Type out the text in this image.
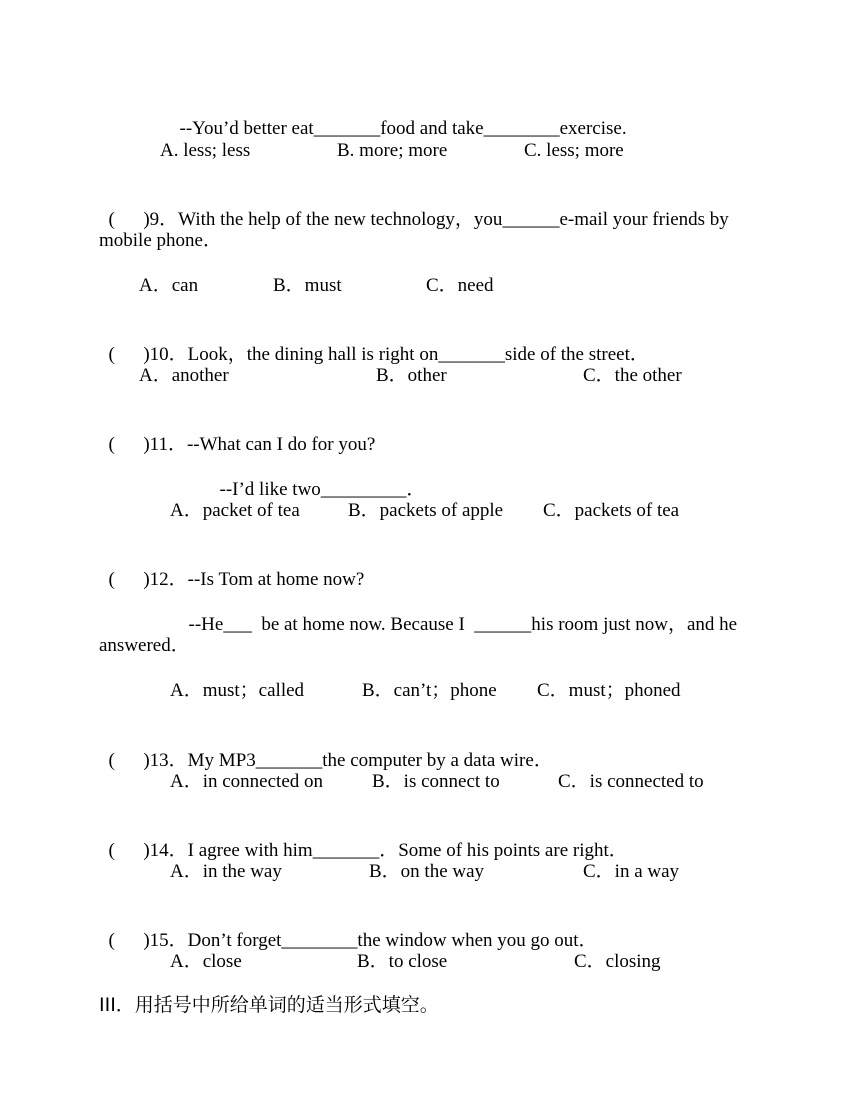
--You’d better eat_______food and take________exercise.

A. less; less	B. more; more	C. less; more

(      )9．With the help of the new technology，you______e-mail your friends by

mobile phone．
A．can	B．must	C．need

(      )10．Look，the dining hall is right on_______side of the street．

A．another	B．other	C．the other

(      )11．--What can I do for you?

--I’d like two_________．

A．packet of tea	B．packets of apple C．packets of tea

(      )12．--Is Tom at home now?

--He___  be at home now. Because I  ______his room just now，and he

answered．
A．must；called	B．can’t；phone C．must；phoned

(      )13．My MP3_______the computer by a data wire．

A．in connected on	B．is connect to	C．is connected to

(      )14．I agree with him_______．Some of his points are right．

A．in the way	B．on the way	C．in a way

(      )15．Don’t forget________the window when you go out．

A．close	B．to close	C．closing
III．用括号中所给单词的适当形式填空。
